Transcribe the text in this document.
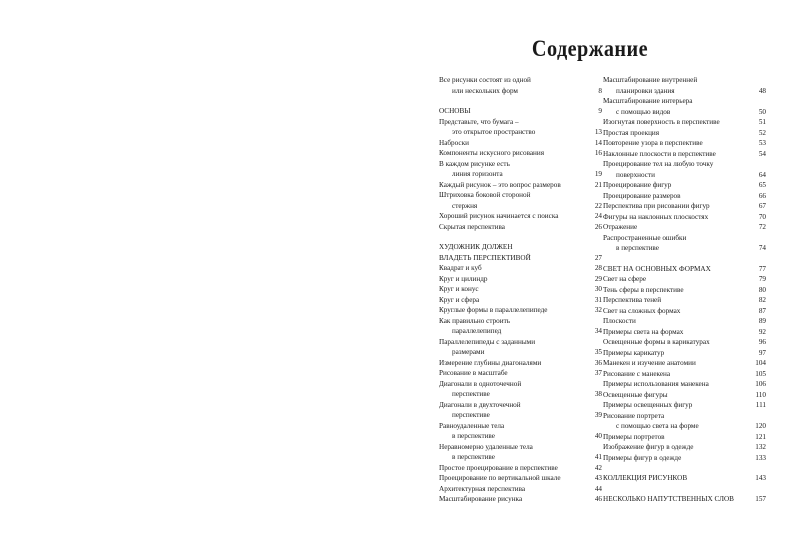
Содержание
Все рисунки состоят из одной
или нескольких форм	8
ОСНОВЫ	9
Представьте, что бумага –
это открытое пространство	13
Наброски	14
Компоненты искусного рисования	16
В каждом рисунке есть
линия горизонта	19
Каждый рисунок – это вопрос размеров	21
Штриховка боковой стороной
стержня	22
Хороший рисунок начинается с поиска	24
Скрытая перспектива	26
ХУДОЖНИК ДОЛЖЕН
ВЛАДЕТЬ ПЕРСПЕКТИВОЙ	27
Квадрат и куб	28
Круг и цилиндр	29
Круг и конус	30
Круг и сфера	31
Круглые формы в параллелепипеде	32
Как правильно строить
параллелепипед	34
Параллелепипеды с заданными
размерами	35
Измерение глубины диагоналями	36
Рисование в масштабе	37
Диагонали в одноточечной
перспективе	38
Диагонали в двухточечной
перспективе	39
Равноудаленные тела
в перспективе	40
Неравномерно удаленные тела
в перспективе	41
Простое проецирование в перспективе	42
Проецирование по вертикальной шкале	43
Архитектурная перспектива	44
Масштабирование рисунка	46
Масштабирование внутренней
планировки здания	48
Масштабирование интерьера
с помощью видов	50
Изогнутая поверхность в перспективе	51
Простая проекция	52
Повторение узора в перспективе	53
Наклонные плоскости в перспективе	54
Проецирование тел на любую точку
поверхности	64
Проецирование фигур	65
Проецирование размеров	66
Перспектива при рисовании фигур	67
Фигуры на наклонных плоскостях	70
Отражение	72
Распространенные ошибки
в перспективе	74
СВЕТ НА ОСНОВНЫХ ФОРМАХ	77
Свет на сфере	79
Тень сферы в перспективе	80
Перспектива теней	82
Свет на сложных формах	87
Плоскости	89
Примеры света на формах	92
Освещенные формы в карикатурах	96
Примеры карикатур	97
Манекен и изучение анатомии	104
Рисование с манекена	105
Примеры использования манекена	106
Освещенные фигуры	110
Примеры освещенных фигур	111
Рисование портрета
с помощью света на форме	120
Примеры портретов	121
Изображение фигур в одежде	132
Примеры фигур в одежде	133
КОЛЛЕКЦИЯ РИСУНКОВ	143
НЕСКОЛЬКО НАПУТСТВЕННЫХ СЛОВ	157
